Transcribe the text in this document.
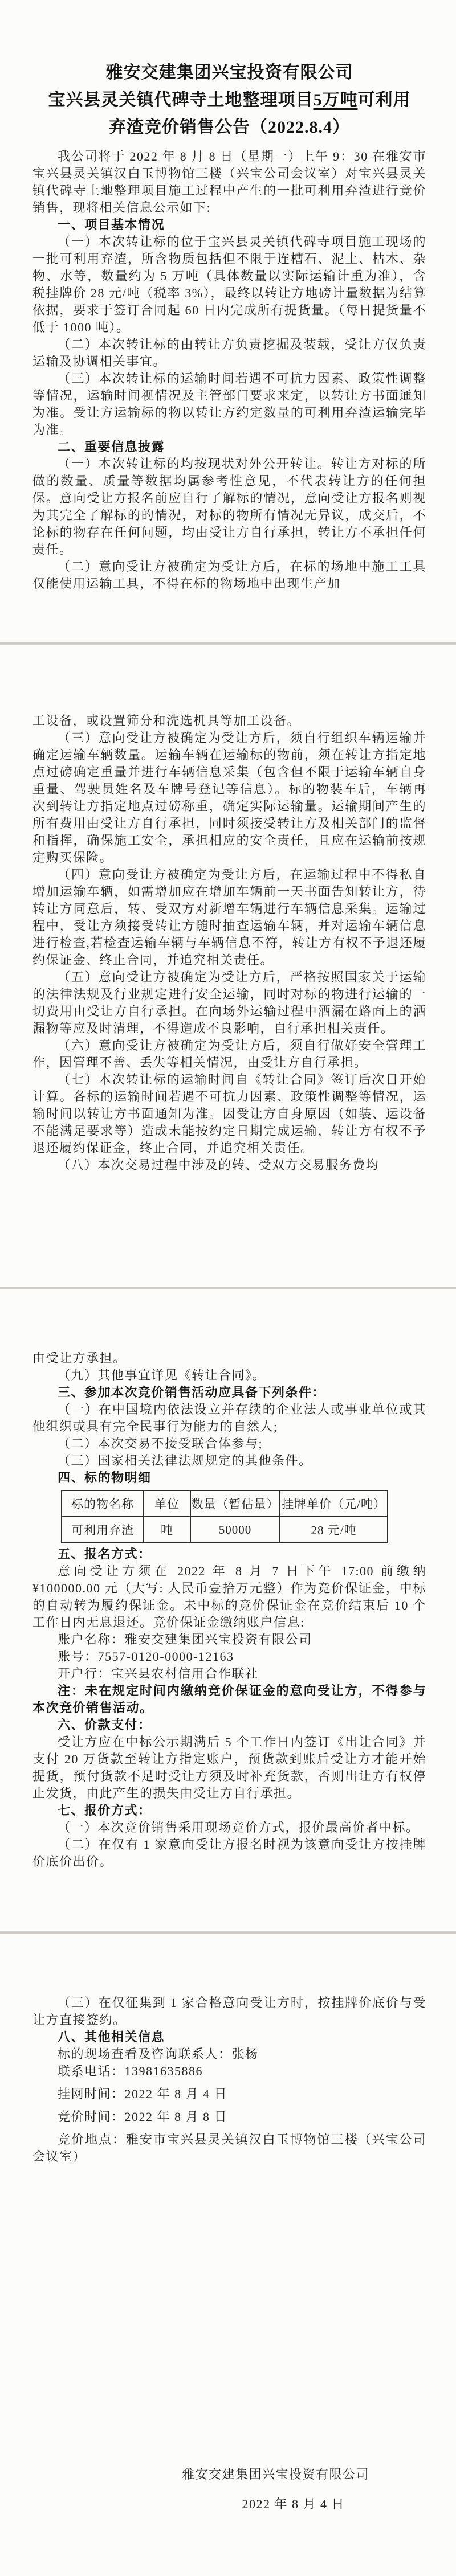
雅安交建集团兴宝投资有限公司
宝兴县灵关镇代碑寺土地整理项目5万吨可利用
弃渣竞价销售公告（2022.8.4）

我公司将于 2022 年 8 月 8 日（星期一）上午 9：30 在雅安市宝兴县灵关镇汉白玉博物馆三楼（兴宝公司会议室）对宝兴县灵关镇代碑寺土地整理项目施工过程中产生的一批可利用弃渣进行竞价销售，现将相关信息公示如下:

一、项目基本情况

（一）本次转让标的位于宝兴县灵关镇代碑寺项目施工现场的一批可利用弃渣，所含物质包括但不限于连槽石、泥土、枯木、杂物、水等，数量约为 5 万吨（具体数量以实际运输计重为准），含税挂牌价 28 元/吨（税率 3%），最终以转让方地磅计量数据为结算依据，要求于签订合同起 60 日内完成所有提货量。（每日提货量不低于 1000 吨）。

（二）本次转让标的由转让方负责挖掘及装载，受让方仅负责运输及协调相关事宜。

（三）本次转让标的运输时间若遇不可抗力因素、政策性调整等情况，运输时间视情况及主管部门要求来定，以转让方书面通知为准。受让方运输标的物以转让方约定数量的可利用弃渣运输完毕为准。

二、重要信息披露

（一）本次转让标的均按现状对外公开转让。转让方对标的所做的数量、质量等数据均属参考性意见，不代表转让方的任何担保。意向受让方报名前应自行了解标的情况，意向受让方报名则视为其完全了解标的的情况，对标的物所有情况无异议，成交后，不论标的物存在任何问题，均由受让方自行承担，转让方不承担任何责任。

（二）意向受让方被确定为受让方后，在标的场地中施工工具仅能使用运输工具，不得在标的物场地中出现生产加

工设备，或设置筛分和洗选机具等加工设备。

（三）意向受让方被确定为受让方后，须自行组织车辆运输并确定运输车辆数量。运输车辆在运输标的物前，须在转让方指定地点过磅确定重量并进行车辆信息采集（包含但不限于运输车辆自身重量、驾驶员姓名及车牌号登记等信息）。标的物装车后，车辆再次到转让方指定地点过磅称重，确定实际运输量。运输期间产生的所有费用由受让方自行承担，同时须接受转让方及相关部门的监督和指挥，确保施工安全，承担相应的安全责任，且应在运输前按规定购买保险。

（四）意向受让方被确定为受让方后，在运输过程中不得私自增加运输车辆，如需增加应在增加车辆前一天书面告知转让方，待转让方同意后，转、受双方对新增车辆进行车辆信息采集。运输过程中，受让方须接受转让方随时抽查运输车辆，并对运输车辆信息进行检查,若检查运输车辆与车辆信息不符，转让方有权不予退还履约保证金、终止合同，并追究相关责任。

（五）意向受让方被确定为受让方后，严格按照国家关于运输的法律法规及行业规定进行安全运输，同时对标的物进行运输的一切费用由受让方自行承担。在向场外运输过程中洒漏在路面上的洒漏物等应及时清理，不得造成不良影响，自行承担相关责任。

（六）意向受让方被确定为受让方后，须自行做好安全管理工作，因管理不善、丢失等相关情况，由受让方自行承担。

（七）本次转让标的运输时间自《转让合同》签订后次日开始计算。各标的运输时间若遇不可抗力因素、政策性调整等情况，运输时间以转让方书面通知为准。因受让方自身原因（如装、运设备不能满足要求等）造成未能按约定日期完成运输，转让方有权不予退还履约保证金，终止合同，并追究相关责任。

（八）本次交易过程中涉及的转、受双方交易服务费均

由受让方承担。

（九）其他事宜详见《转让合同》。

三、参加本次竞价销售活动应具备下列条件：

（一）在中国境内依法设立并存续的企业法人或事业单位或其他组织或具有完全民事行为能力的自然人;

（二）本次交易不接受联合体参与;

（三）国家相关法律法规规定的其他条件。

四、标的物明细

标的物名称	单位	数量（暂估量）	挂牌单价（元/吨）
可利用弃渣	吨	50000	28 元/吨

五、报名方式：

意向受让方须在 2022 年 8 月 7 日下午 17:00 前缴纳 ¥100000.00 元（大写: 人民币壹拾万元整）作为竞价保证金，中标的自动转为履约保证金。未中标的竞价保证金在竞价结束后 10 个工作日内无息退还。竞价保证金缴纳账户信息:

账户名称：雅安交建集团兴宝投资有限公司

账号：7557-0120-0000-12163

开户行：宝兴县农村信用合作联社

注：未在规定时间内缴纳竞价保证金的意向受让方，不得参与本次竞价销售活动。

六、价款支付：

受让方应在中标公示期满后 5 个工作日内签订《出让合同》并支付 20 万货款至转让方指定账户，预货款到账后受让方才能开始提货，预付货款不足时受让方须及时补充货款，否则出让方有权停止发货，由此产生的损失由受让方自行承担。

七、报价方式：

（一）本次竞价销售采用现场竞价方式，报价最高价者中标。

（二）在仅有 1 家意向受让方报名时视为该意向受让方按挂牌价底价出价。

（三）在仅征集到 1 家合格意向受让方时，按挂牌价底价与受让方直接签约。

八、其他相关信息

标的现场查看及咨询联系人：张杨

联系电话：13981635886

挂网时间：2022 年 8 月 4 日

竞价时间：2022 年 8 月 8 日

竞价地点：雅安市宝兴县灵关镇汉白玉博物馆三楼（兴宝公司会议室）

雅安交建集团兴宝投资有限公司

2022 年 8 月 4 日
